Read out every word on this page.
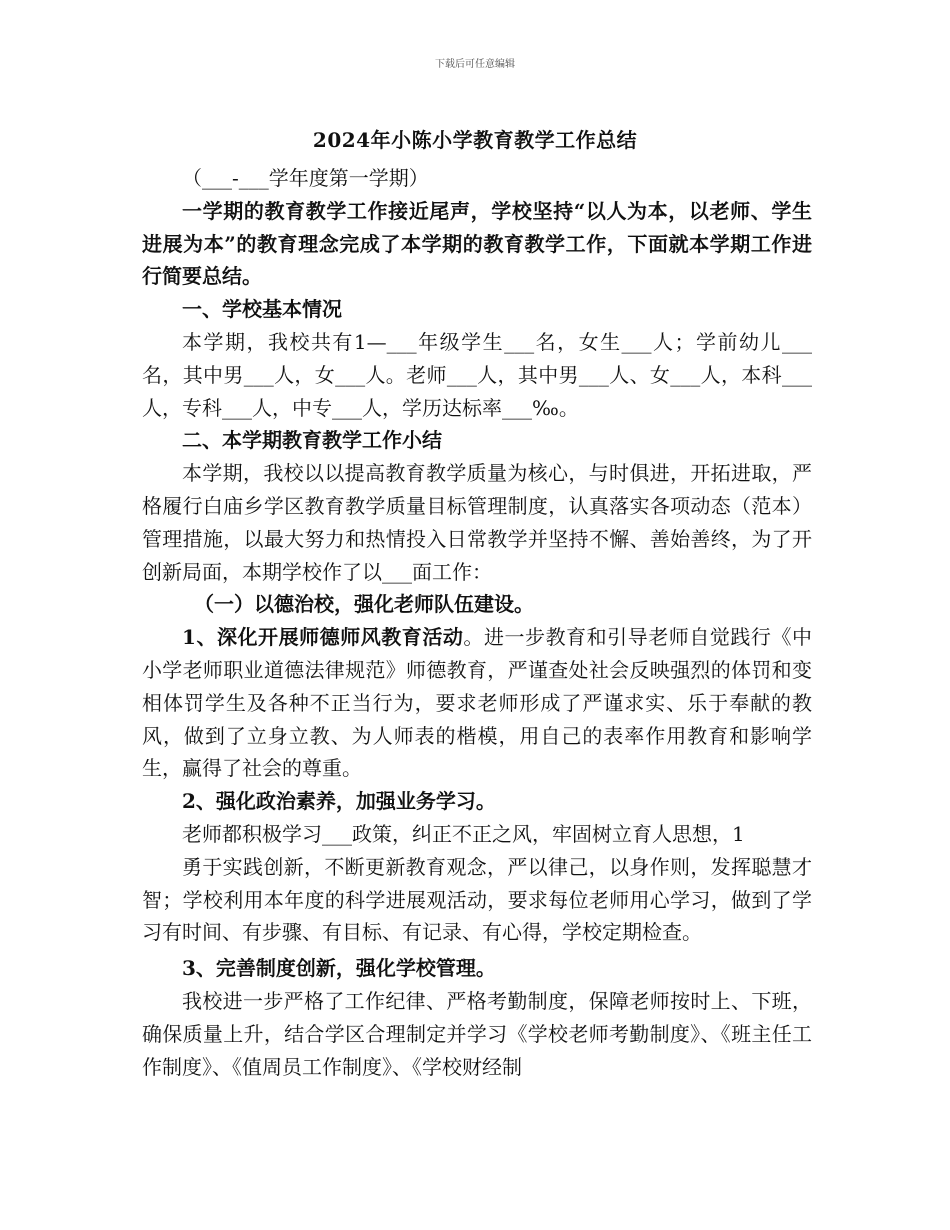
下载后可任意编辑
2024年小陈小学教育教学工作总结

（___-___学年度第一学期）

一学期的教育教学工作接近尾声，学校坚持“以人为本，以老师、学生进展为本”的教育理念完成了本学期的教育教学工作，下面就本学期工作进行简要总结。

一、学校基本情况

本学期，我校共有1—___年级学生___名，女生___人；学前幼儿___名，其中男___人，女___人。老师___人，其中男___人、女___人，本科___人，专科___人，中专___人，学历达标率___‰。

二、本学期教育教学工作小结

本学期，我校以以提高教育教学质量为核心，与时俱进，开拓进取，严格履行白庙乡学区教育教学质量目标管理制度，认真落实各项动态（范本）管理措施，以最大努力和热情投入日常教学并坚持不懈、善始善终，为了开创新局面，本期学校作了以___面工作：

（一）以德治校，强化老师队伍建设。

1、深化开展师德师风教育活动。进一步教育和引导老师自觉践行《中小学老师职业道德法律规范》师德教育，严谨查处社会反映强烈的体罚和变相体罚学生及各种不正当行为，要求老师形成了严谨求实、乐于奉献的教风，做到了立身立教、为人师表的楷模，用自己的表率作用教育和影响学生，赢得了社会的尊重。

2、强化政治素养，加强业务学习。

老师都积极学习___政策，纠正不正之风，牢固树立育人思想，1

勇于实践创新，不断更新教育观念，严以律己，以身作则，发挥聪慧才智；学校利用本年度的科学进展观活动，要求每位老师用心学习，做到了学习有时间、有步骤、有目标、有记录、有心得，学校定期检查。

3、完善制度创新，强化学校管理。

我校进一步严格了工作纪律、严格考勤制度，保障老师按时上、下班，确保质量上升，结合学区合理制定并学习《学校老师考勤制度》、《班主任工作制度》、《值周员工作制度》、《学校财经制
